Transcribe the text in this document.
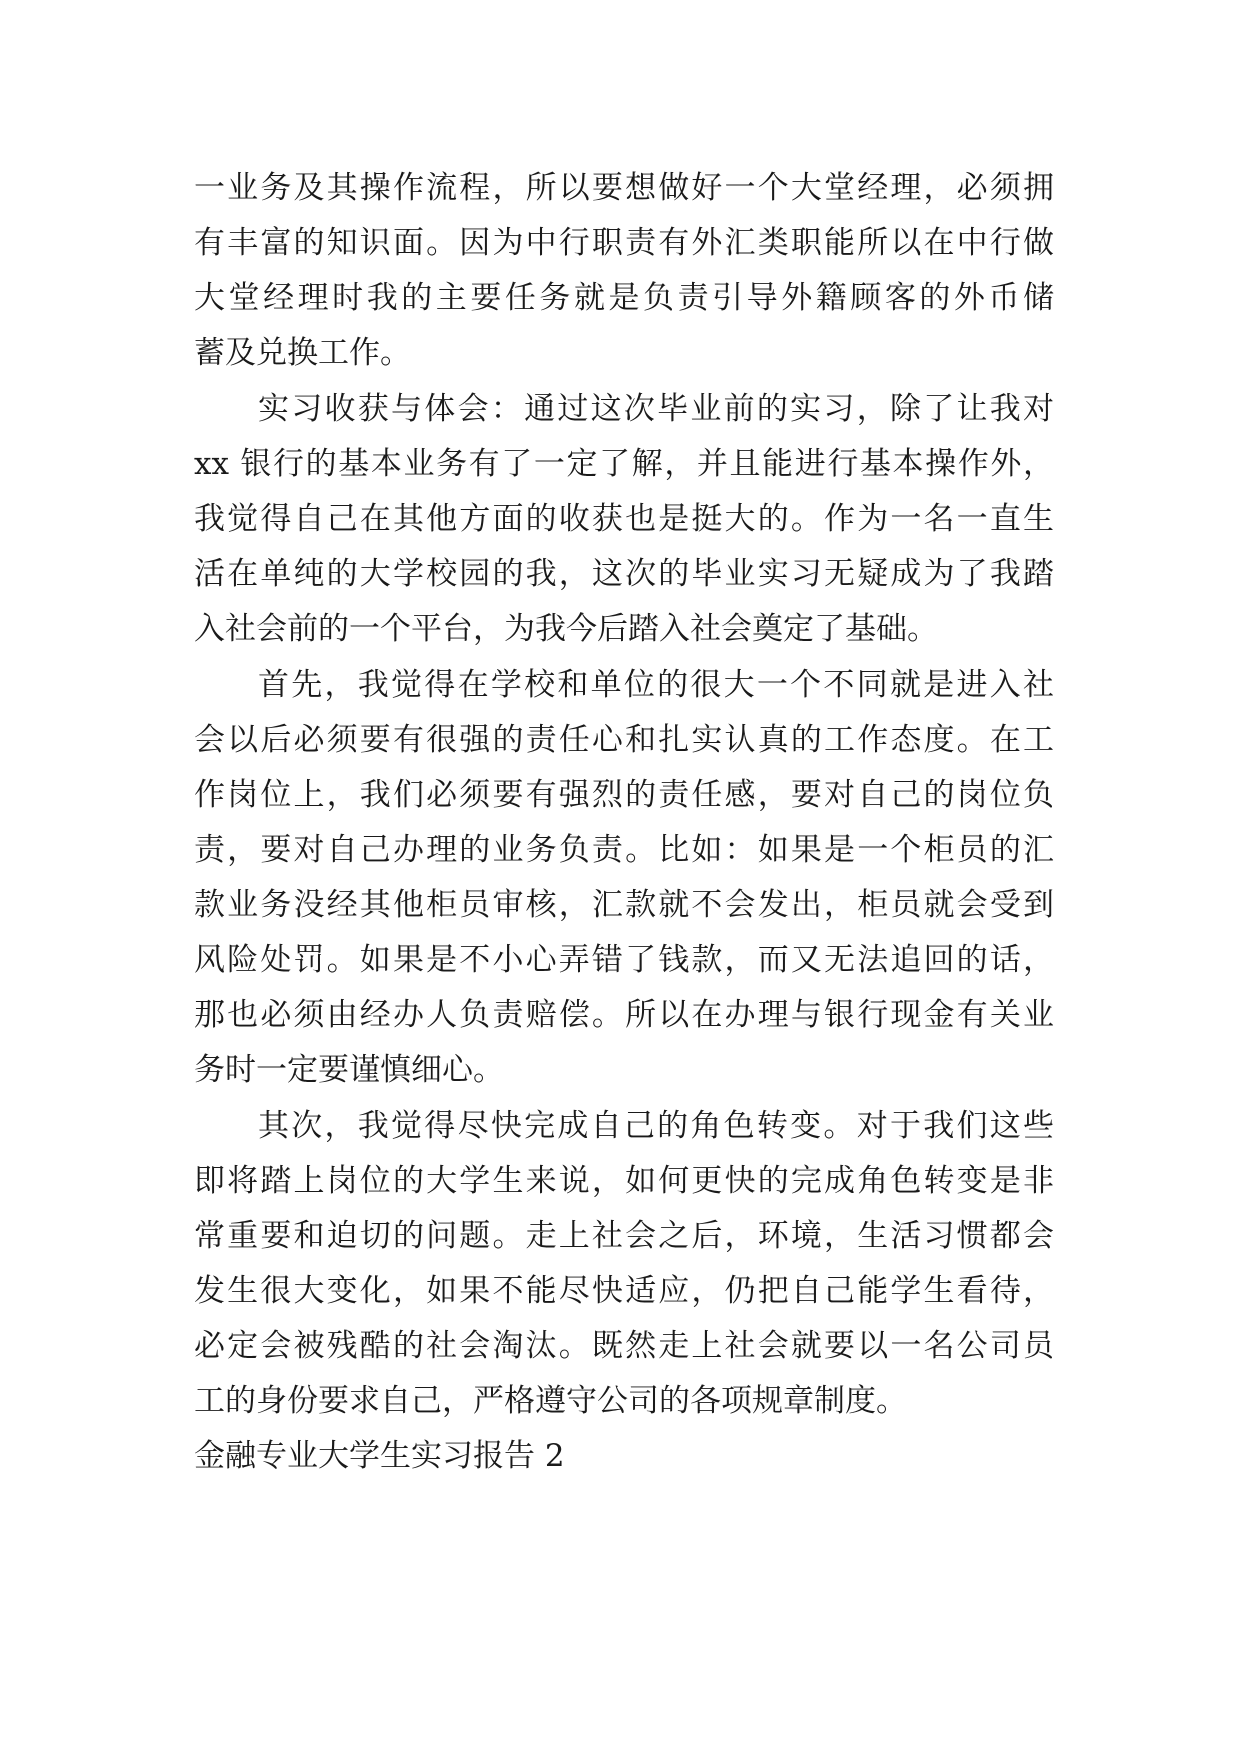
一业务及其操作流程，所以要想做好一个大堂经理，必须拥
有丰富的知识面。因为中行职责有外汇类职能所以在中行做
大堂经理时我的主要任务就是负责引导外籍顾客的外币储
蓄及兑换工作。
实习收获与体会：通过这次毕业前的实习，除了让我对
xx 银行的基本业务有了一定了解，并且能进行基本操作外，
我觉得自己在其他方面的收获也是挺大的。作为一名一直生
活在单纯的大学校园的我，这次的毕业实习无疑成为了我踏
入社会前的一个平台，为我今后踏入社会奠定了基础。
首先，我觉得在学校和单位的很大一个不同就是进入社
会以后必须要有很强的责任心和扎实认真的工作态度。在工
作岗位上，我们必须要有强烈的责任感，要对自己的岗位负
责，要对自己办理的业务负责。比如：如果是一个柜员的汇
款业务没经其他柜员审核，汇款就不会发出，柜员就会受到
风险处罚。如果是不小心弄错了钱款，而又无法追回的话，
那也必须由经办人负责赔偿。所以在办理与银行现金有关业
务时一定要谨慎细心。
其次，我觉得尽快完成自己的角色转变。对于我们这些
即将踏上岗位的大学生来说，如何更快的完成角色转变是非
常重要和迫切的问题。走上社会之后，环境，生活习惯都会
发生很大变化，如果不能尽快适应，仍把自己能学生看待，
必定会被残酷的社会淘汰。既然走上社会就要以一名公司员
工的身份要求自己，严格遵守公司的各项规章制度。
金融专业大学生实习报告 2
